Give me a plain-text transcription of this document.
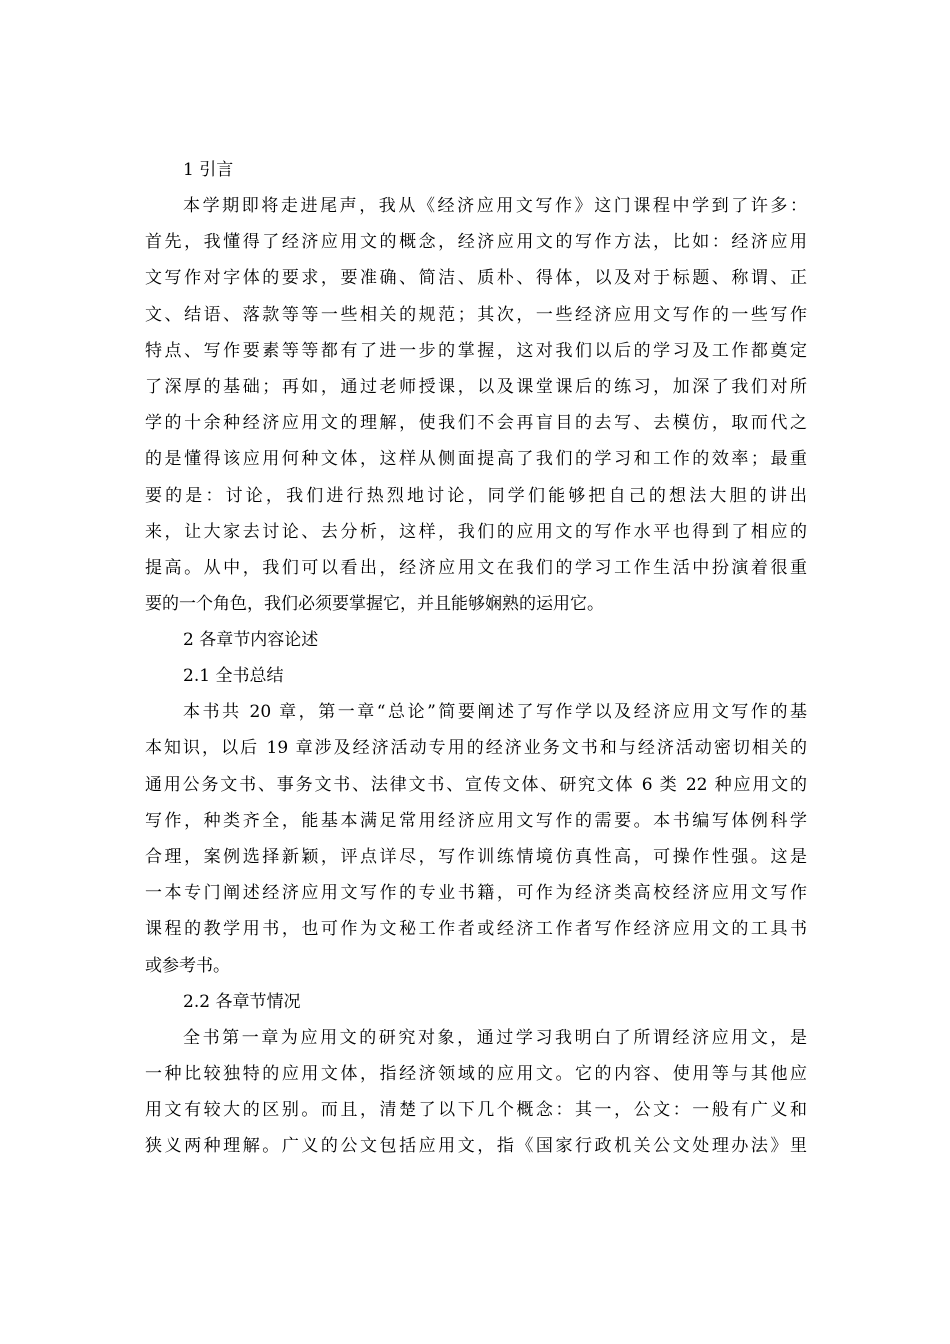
1 引言
本学期即将走进尾声，我从《经济应用文写作》这门课程中学到了许多：
首先，我懂得了经济应用文的概念，经济应用文的写作方法，比如：经济应用
文写作对字体的要求，要准确、简洁、质朴、得体，以及对于标题、称谓、正
文、结语、落款等等一些相关的规范；其次，一些经济应用文写作的一些写作
特点、写作要素等等都有了进一步的掌握，这对我们以后的学习及工作都奠定
了深厚的基础；再如，通过老师授课，以及课堂课后的练习，加深了我们对所
学的十余种经济应用文的理解，使我们不会再盲目的去写、去模仿，取而代之
的是懂得该应用何种文体，这样从侧面提高了我们的学习和工作的效率；最重
要的是：讨论，我们进行热烈地讨论，同学们能够把自己的想法大胆的讲出
来，让大家去讨论、去分析，这样，我们的应用文的写作水平也得到了相应的
提高。从中，我们可以看出，经济应用文在我们的学习工作生活中扮演着很重
要的一个角色，我们必须要掌握它，并且能够娴熟的运用它。
2 各章节内容论述
2.1 全书总结
本书共 20 章，第一章“总论”简要阐述了写作学以及经济应用文写作的基
本知识，以后 19 章涉及经济活动专用的经济业务文书和与经济活动密切相关的
通用公务文书、事务文书、法律文书、宣传文体、研究文体 6 类 22 种应用文的
写作，种类齐全，能基本满足常用经济应用文写作的需要。本书编写体例科学
合理，案例选择新颖，评点详尽，写作训练情境仿真性高，可操作性强。这是
一本专门阐述经济应用文写作的专业书籍，可作为经济类高校经济应用文写作
课程的教学用书，也可作为文秘工作者或经济工作者写作经济应用文的工具书
或参考书。
2.2 各章节情况
全书第一章为应用文的研究对象，通过学习我明白了所谓经济应用文，是
一种比较独特的应用文体，指经济领域的应用文。它的内容、使用等与其他应
用文有较大的区别。而且，清楚了以下几个概念：其一，公文：一般有广义和
狭义两种理解。广义的公文包括应用文，指《国家行政机关公文处理办法》里
